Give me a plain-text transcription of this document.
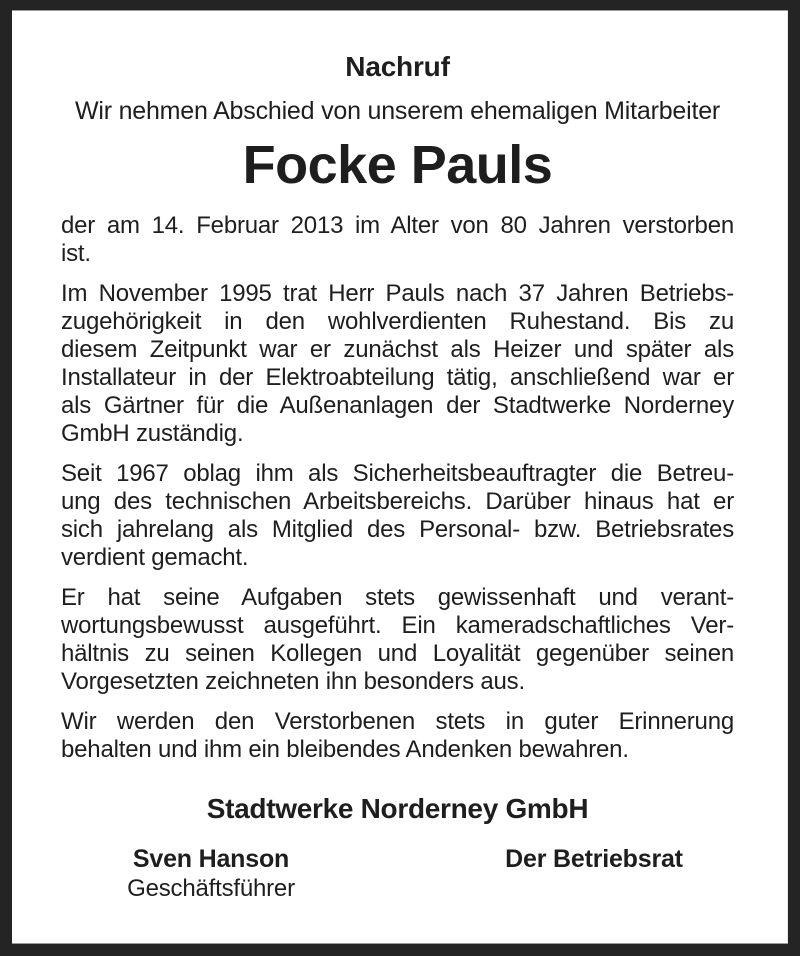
Nachruf
Wir nehmen Abschied von unserem ehemaligen Mitarbeiter
Focke Pauls
der am 14. Februar 2013 im Alter von 80 Jahren verstorben
ist.
Im November 1995 trat Herr Pauls nach 37 Jahren Betriebs-
zugehörigkeit in den wohlverdienten Ruhestand. Bis zu
diesem Zeitpunkt war er zunächst als Heizer und später als
Installateur in der Elektroabteilung tätig, anschließend war er
als Gärtner für die Außenanlagen der Stadtwerke Norderney
GmbH zuständig.
Seit 1967 oblag ihm als Sicherheitsbeauftragter die Betreu-
ung des technischen Arbeitsbereichs. Darüber hinaus hat er
sich jahrelang als Mitglied des Personal- bzw. Betriebsrates
verdient gemacht.
Er hat seine Aufgaben stets gewissenhaft und verant-
wortungsbewusst ausgeführt. Ein kameradschaftliches Ver-
hältnis zu seinen Kollegen und Loyalität gegenüber seinen
Vorgesetzten zeichneten ihn besonders aus.
Wir werden den Verstorbenen stets in guter Erinnerung
behalten und ihm ein bleibendes Andenken bewahren.
Stadtwerke Norderney GmbH
Sven Hanson
Geschäftsführer
Der Betriebsrat
